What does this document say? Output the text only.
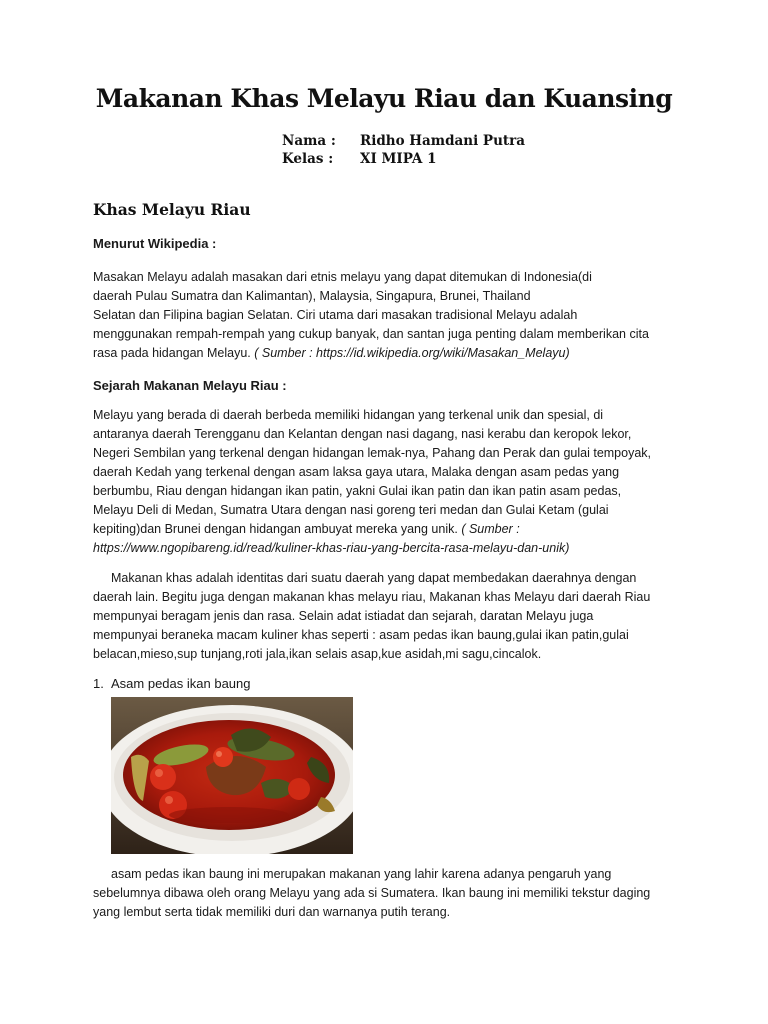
Makanan Khas Melayu Riau dan Kuansing
Nama : Ridho Hamdani Putra
Kelas : XI MIPA 1
Khas Melayu Riau
Menurut Wikipedia :
Masakan Melayu adalah masakan dari etnis melayu yang dapat ditemukan di Indonesia(di
daerah Pulau Sumatra dan Kalimantan), Malaysia, Singapura, Brunei, Thailand
Selatan dan Filipina bagian Selatan. Ciri utama dari masakan tradisional Melayu adalah
menggunakan rempah-rempah yang cukup banyak, dan santan juga penting dalam memberikan cita
rasa pada hidangan Melayu. ( Sumber : https://id.wikipedia.org/wiki/Masakan_Melayu)
Sejarah Makanan Melayu Riau :
Melayu yang berada di daerah berbeda memiliki hidangan yang terkenal unik dan spesial, di
antaranya daerah Terengganu dan Kelantan dengan nasi dagang, nasi kerabu dan keropok lekor,
Negeri Sembilan yang terkenal dengan hidangan lemak-nya, Pahang dan Perak dan gulai tempoyak,
daerah Kedah yang terkenal dengan asam laksa gaya utara, Malaka dengan asam pedas yang
berbumbu, Riau dengan hidangan ikan patin, yakni Gulai ikan patin dan ikan patin asam pedas,
Melayu Deli di Medan, Sumatra Utara dengan nasi goreng teri medan dan Gulai Ketam (gulai
kepiting)dan Brunei dengan hidangan ambuyat mereka yang unik. ( Sumber :
https://www.ngopibareng.id/read/kuliner-khas-riau-yang-bercita-rasa-melayu-dan-unik)
Makanan khas adalah identitas dari suatu daerah yang dapat membedakan daerahnya dengan
daerah lain. Begitu juga dengan makanan khas melayu riau, Makanan khas Melayu dari daerah Riau
mempunyai beragam jenis dan rasa. Selain adat istiadat dan sejarah, daratan Melayu juga
mempunyai beraneka macam kuliner khas seperti : asam pedas ikan baung,gulai ikan patin,gulai
belacan,mieso,sup tunjang,roti jala,ikan selais asap,kue asidah,mi sagu,cincalok.
1. Asam pedas ikan baung
asam pedas ikan baung ini merupakan makanan yang lahir karena adanya pengaruh yang
sebelumnya dibawa oleh orang Melayu yang ada si Sumatera. Ikan baung ini memiliki tekstur daging
yang lembut serta tidak memiliki duri dan warnanya putih terang.
